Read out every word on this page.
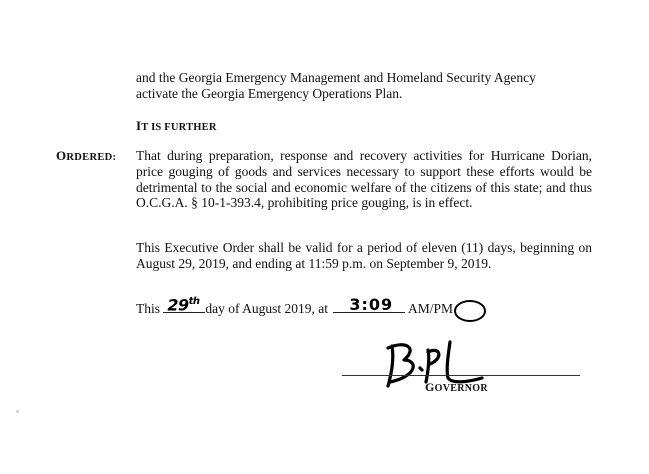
and the Georgia Emergency Management and Homeland Security Agency
activate the Georgia Emergency Operations Plan.

IT IS FURTHER
ORDERED: That during preparation, response and recovery activities for Hurricane Dorian, price gouging of goods and services necessary to support these efforts would be detrimental to the social and economic welfare of the citizens of this state; and thus O.C.G.A. § 10-1-393.4, prohibiting price gouging, is in effect.

This Executive Order shall be valid for a period of eleven (11) days, beginning on August 29, 2019, and ending at 11:59 p.m. on September 9, 2019.

This 29th day of August 2019, at 3:09 AM/PM
GOVERNOR
